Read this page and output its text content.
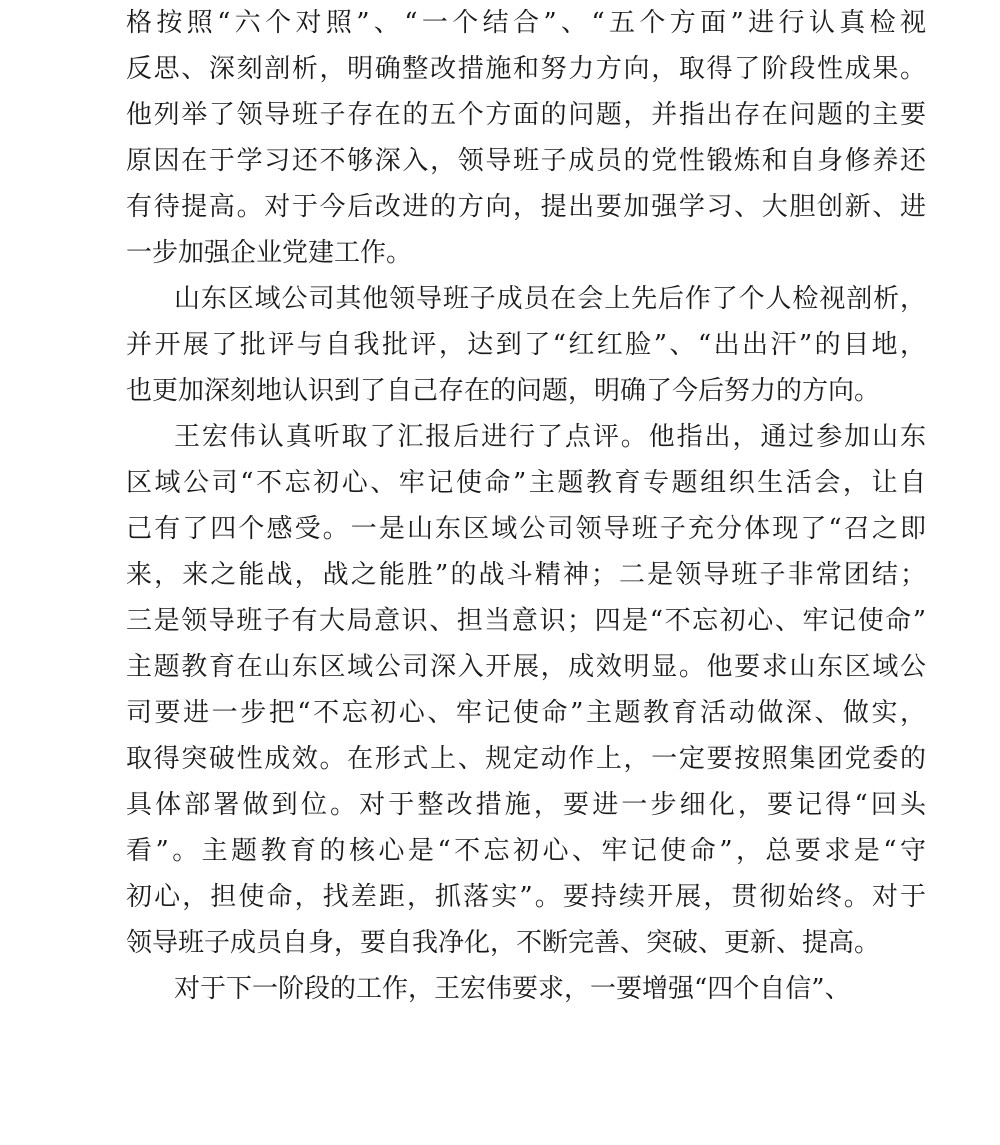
格按照“六个对照”、“一个结合”、“五个方面”进行认真检视
反思、深刻剖析，明确整改措施和努力方向，取得了阶段性成果。
他列举了领导班子存在的五个方面的问题，并指出存在问题的主要
原因在于学习还不够深入，领导班子成员的党性锻炼和自身修养还
有待提高。对于今后改进的方向，提出要加强学习、大胆创新、进
一步加强企业党建工作。
山东区域公司其他领导班子成员在会上先后作了个人检视剖析，
并开展了批评与自我批评，达到了“红红脸”、“出出汗”的目地，
也更加深刻地认识到了自己存在的问题，明确了今后努力的方向。
王宏伟认真听取了汇报后进行了点评。他指出，通过参加山东
区域公司“不忘初心、牢记使命”主题教育专题组织生活会，让自
己有了四个感受。一是山东区域公司领导班子充分体现了“召之即
来，来之能战，战之能胜”的战斗精神；二是领导班子非常团结；
三是领导班子有大局意识、担当意识；四是“不忘初心、牢记使命”
主题教育在山东区域公司深入开展，成效明显。他要求山东区域公
司要进一步把“不忘初心、牢记使命”主题教育活动做深、做实，
取得突破性成效。在形式上、规定动作上，一定要按照集团党委的
具体部署做到位。对于整改措施，要进一步细化，要记得“回头
看”。主题教育的核心是“不忘初心、牢记使命”，总要求是“守
初心，担使命，找差距，抓落实”。要持续开展，贯彻始终。对于
领导班子成员自身，要自我净化，不断完善、突破、更新、提高。
对于下一阶段的工作，王宏伟要求，一要增强“四个自信”、
